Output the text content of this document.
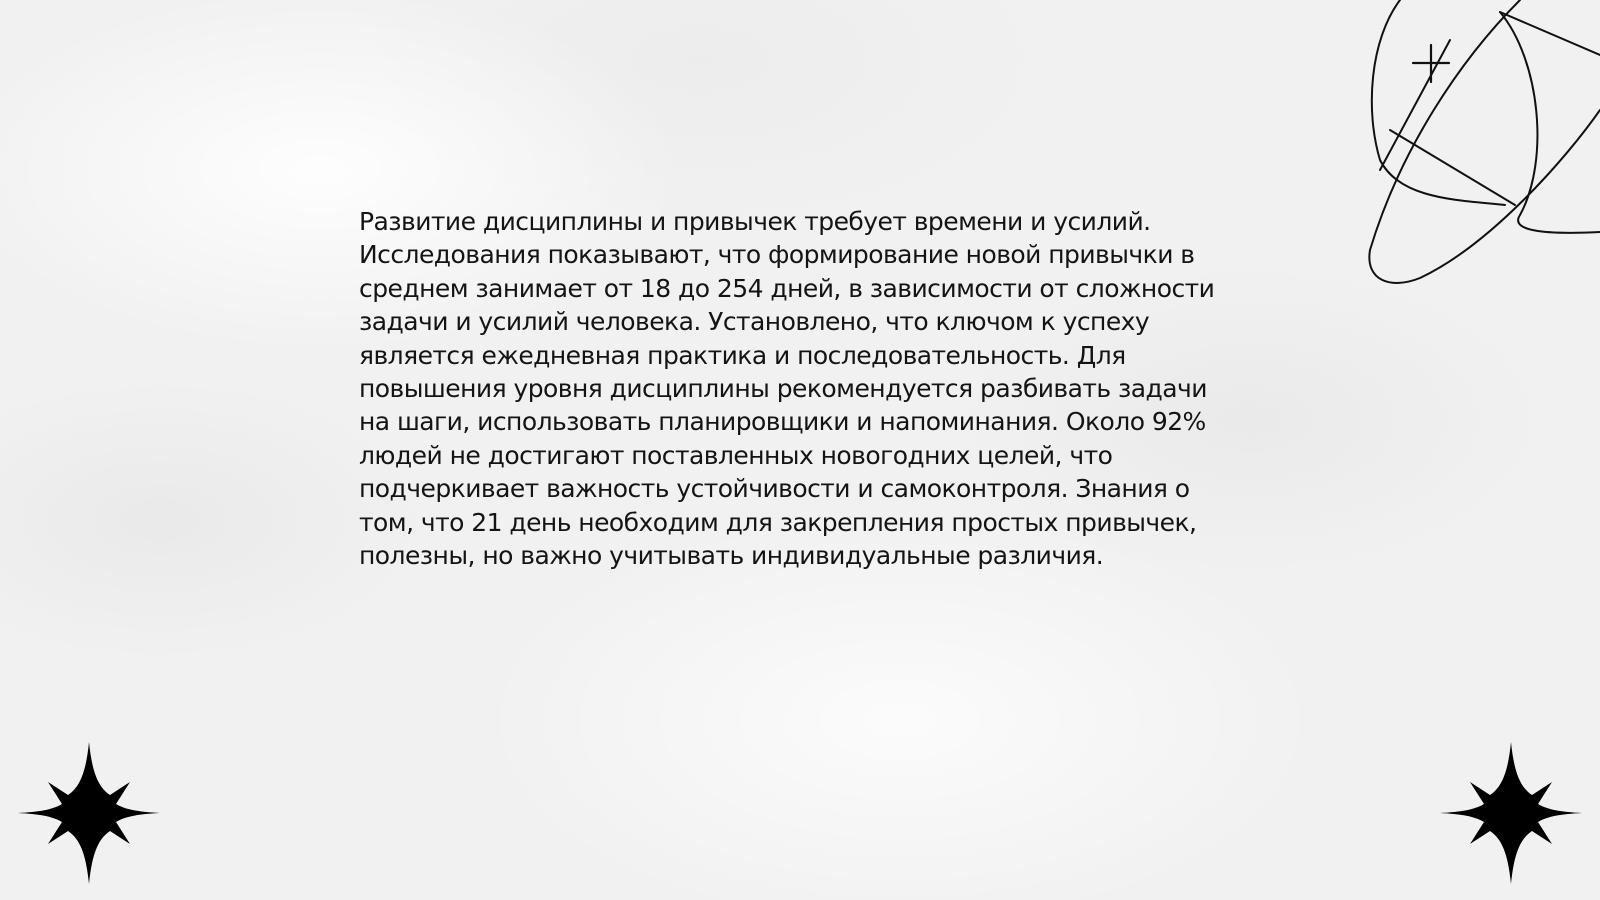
Развитие дисциплины и привычек требует времени и усилий. Исследования показывают, что формирование новой привычки в среднем занимает от 18 до 254 дней, в зависимости от сложности задачи и усилий человека. Установлено, что ключом к успеху является ежедневная практика и последовательность. Для повышения уровня дисциплины рекомендуется разбивать задачи на шаги, использовать планировщики и напоминания. Около 92% людей не достигают поставленных новогодних целей, что подчеркивает важность устойчивости и самоконтроля. Знания о том, что 21 день необходим для закрепления простых привычек, полезны, но важно учитывать индивидуальные различия.
